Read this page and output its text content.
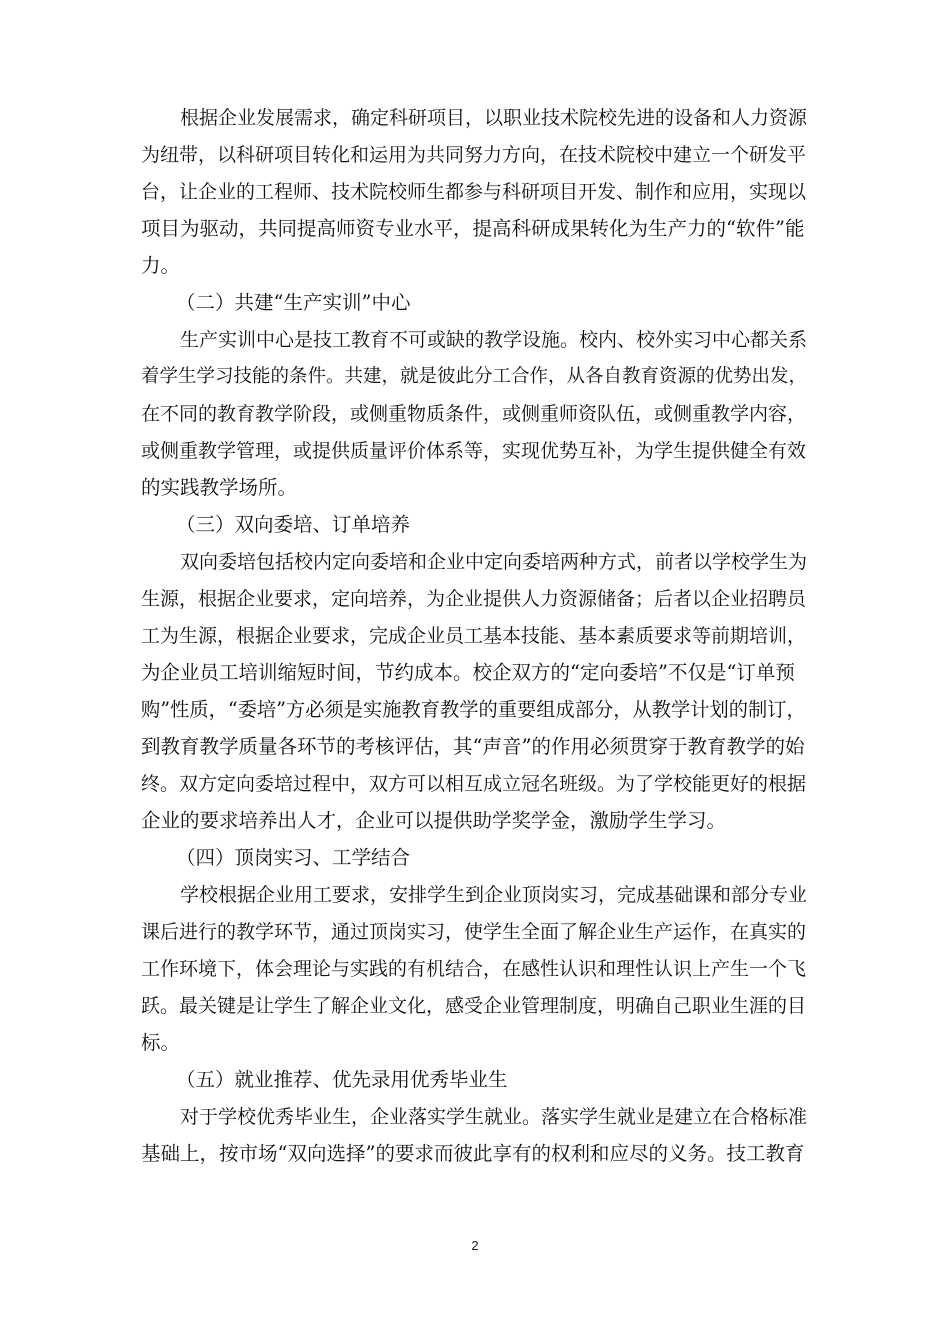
根据企业发展需求，确定科研项目，以职业技术院校先进的设备和人力资源
为纽带，以科研项目转化和运用为共同努力方向，在技术院校中建立一个研发平
台，让企业的工程师、技术院校师生都参与科研项目开发、制作和应用，实现以
项目为驱动，共同提高师资专业水平，提高科研成果转化为生产力的“软件”能
力。
（二）共建“生产实训”中心
生产实训中心是技工教育不可或缺的教学设施。校内、校外实习中心都关系
着学生学习技能的条件。共建，就是彼此分工合作，从各自教育资源的优势出发，
在不同的教育教学阶段，或侧重物质条件，或侧重师资队伍，或侧重教学内容，
或侧重教学管理，或提供质量评价体系等，实现优势互补，为学生提供健全有效
的实践教学场所。
（三）双向委培、订单培养
双向委培包括校内定向委培和企业中定向委培两种方式，前者以学校学生为
生源，根据企业要求，定向培养，为企业提供人力资源储备；后者以企业招聘员
工为生源，根据企业要求，完成企业员工基本技能、基本素质要求等前期培训，
为企业员工培训缩短时间，节约成本。校企双方的“定向委培”不仅是“订单预
购”性质，“委培”方必须是实施教育教学的重要组成部分，从教学计划的制订，
到教育教学质量各环节的考核评估，其“声音”的作用必须贯穿于教育教学的始
终。双方定向委培过程中，双方可以相互成立冠名班级。为了学校能更好的根据
企业的要求培养出人才，企业可以提供助学奖学金，激励学生学习。
（四）顶岗实习、工学结合
学校根据企业用工要求，安排学生到企业顶岗实习，完成基础课和部分专业
课后进行的教学环节，通过顶岗实习，使学生全面了解企业生产运作，在真实的
工作环境下，体会理论与实践的有机结合，在感性认识和理性认识上产生一个飞
跃。最关键是让学生了解企业文化，感受企业管理制度，明确自己职业生涯的目
标。
（五）就业推荐、优先录用优秀毕业生
对于学校优秀毕业生，企业落实学生就业。落实学生就业是建立在合格标准
基础上，按市场“双向选择”的要求而彼此享有的权利和应尽的义务。技工教育
2
